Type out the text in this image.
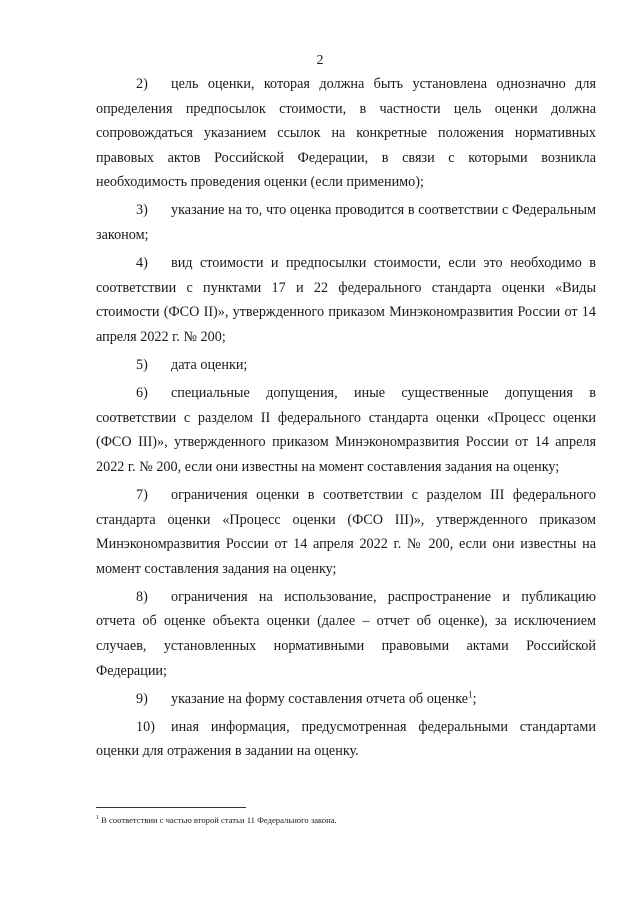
2

2) цель оценки, которая должна быть установлена однозначно для определения предпосылок стоимости, в частности цель оценки должна сопровождаться указанием ссылок на конкретные положения нормативных правовых актов Российской Федерации, в связи с которыми возникла необходимость проведения оценки (если применимо);

3) указание на то, что оценка проводится в соответствии с Федеральным законом;

4) вид стоимости и предпосылки стоимости, если это необходимо в соответствии с пунктами 17 и 22 федерального стандарта оценки «Виды стоимости (ФСО II)», утвержденного приказом Минэкономразвития России от 14 апреля 2022 г. № 200;

5) дата оценки;

6) специальные допущения, иные существенные допущения в соответствии с разделом II федерального стандарта оценки «Процесс оценки (ФСО III)», утвержденного приказом Минэкономразвития России от 14 апреля 2022 г. № 200, если они известны на момент составления задания на оценку;

7) ограничения оценки в соответствии с разделом III федерального стандарта оценки «Процесс оценки (ФСО III)», утвержденного приказом Минэкономразвития России от 14 апреля 2022 г. № 200, если они известны на момент составления задания на оценку;

8) ограничения на использование, распространение и публикацию отчета об оценке объекта оценки (далее – отчет об оценке), за исключением случаев, установленных нормативными правовыми актами Российской Федерации;

9) указание на форму составления отчета об оценке$^1$;

10) иная информация, предусмотренная федеральными стандартами оценки для отражения в задании на оценку.

$^1$ В соответствии с частью второй статьи 11 Федерального закона.
